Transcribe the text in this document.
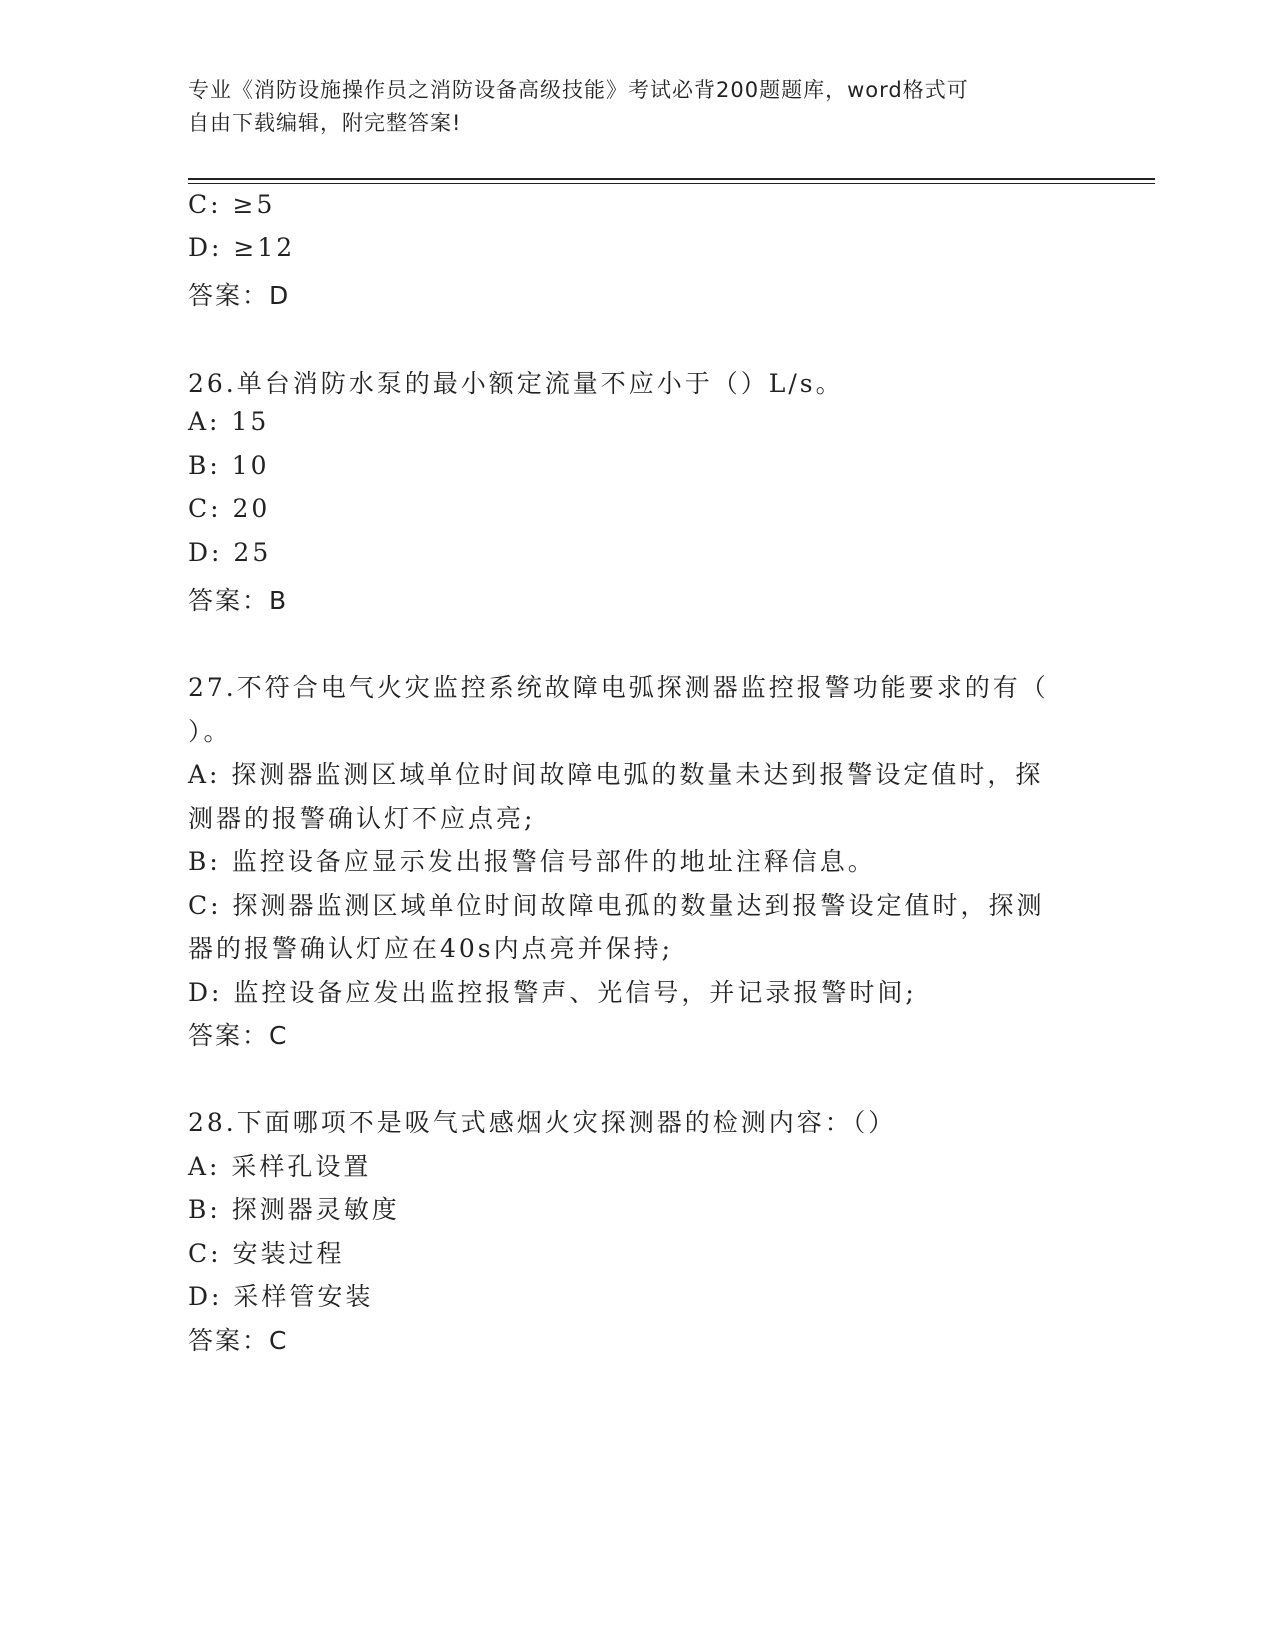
专业《消防设施操作员之消防设备高级技能》考试必背200题题库，word格式可
自由下载编辑，附完整答案!
C: ≥5
D: ≥12
答案：D
26.单台消防水泵的最小额定流量不应小于（）L/s。
A: 15
B: 10
C: 20
D: 25
答案：B
27.不符合电气火灾监控系统故障电弧探测器监控报警功能要求的有（
）。
A: 探测器监测区域单位时间故障电弧的数量未达到报警设定值时，探
测器的报警确认灯不应点亮;
B: 监控设备应显示发出报警信号部件的地址注释信息。
C: 探测器监测区域单位时间故障电孤的数量达到报警设定值时，探测
器的报警确认灯应在40s内点亮并保持;
D: 监控设备应发出监控报警声、光信号，并记录报警时间;
答案：C
28.下面哪项不是吸气式感烟火灾探测器的检测内容：（）
A: 采样孔设置
B: 探测器灵敏度
C: 安装过程
D: 采样管安装
答案：C
